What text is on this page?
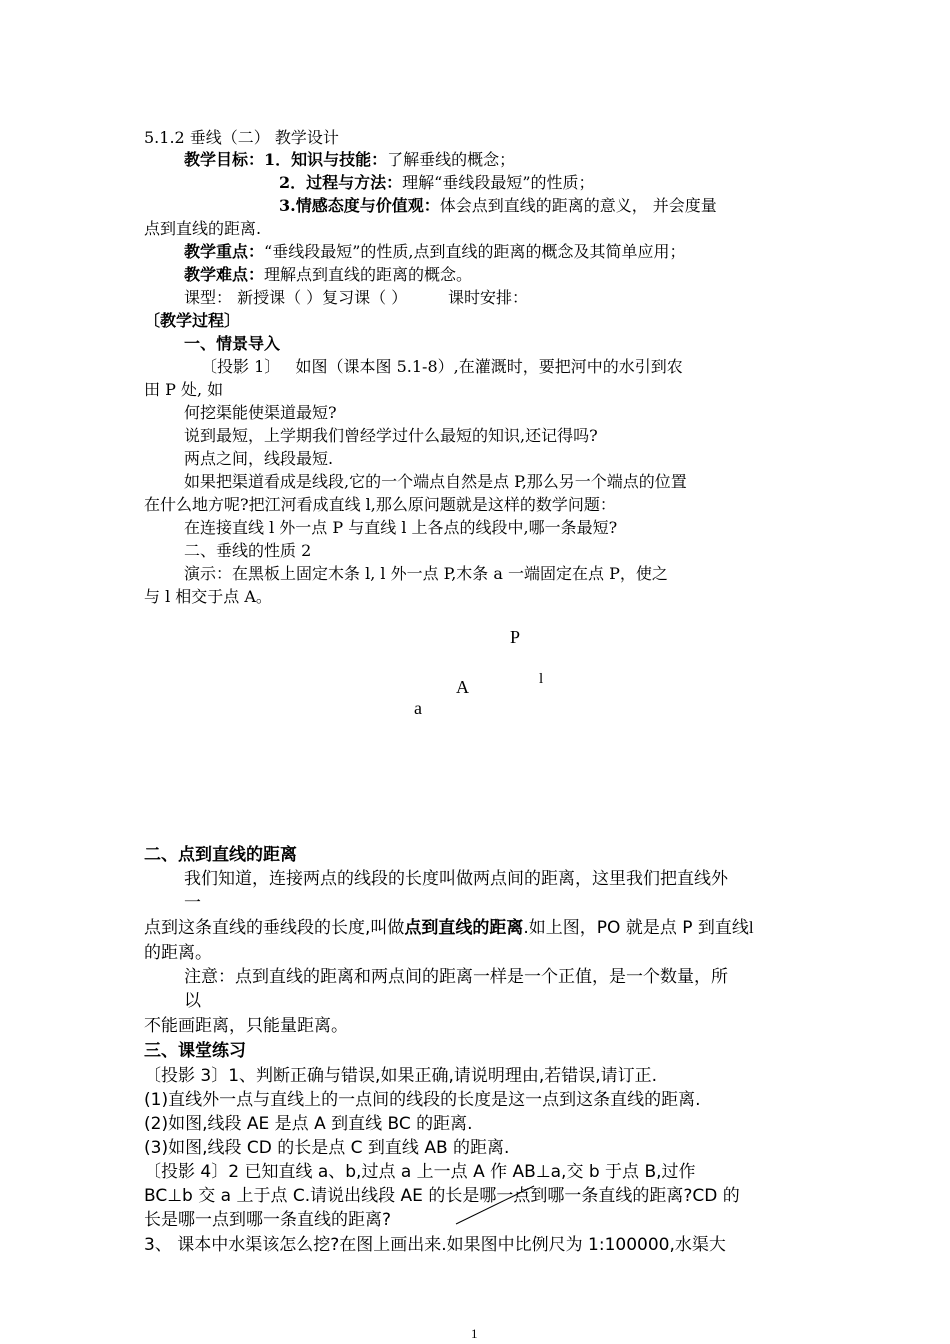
5.1.2 垂线（二） 教学设计
教学目标：1．知识与技能：了解垂线的概念；
2．过程与方法：理解“垂线段最短”的性质；
3.情感态度与价值观：体会点到直线的距离的意义， 并会度量
点到直线的距离.
教学重点：“垂线段最短”的性质,点到直线的距离的概念及其简单应用；
教学难点：理解点到直线的距离的概念。
课型： 新授课（ ）复习课（ ）        课时安排：
〔教学过程〕
一、情景导入
〔投影 1〕   如图（课本图 5.1-8）,在灌溉时，要把河中的水引到农
田 P 处, 如
何挖渠能使渠道最短?
说到最短，上学期我们曾经学过什么最短的知识,还记得吗?
两点之间，线段最短.
如果把渠道看成是线段,它的一个端点自然是点 P,那么另一个端点的位置
在什么地方呢?把江河看成直线 l,那么原问题就是这样的数学问题：
在连接直线 l 外一点 P 与直线 l 上各点的线段中,哪一条最短?
二、垂线的性质 2
演示：在黑板上固定木条 l, l 外一点 P,木条 a 一端固定在点 P，使之
与 l 相交于点 A。
P
A	l
a
二、点到直线的距离
我们知道，连接两点的线段的长度叫做两点间的距离，这里我们把直线外
一
点到这条直线的垂线段的长度,叫做点到直线的距离.如上图，PO 就是点 P 到直线l
的距离。
注意：点到直线的距离和两点间的距离一样是一个正值，是一个数量，所
以
不能画距离，只能量距离。
三、课堂练习
〔投影 3〕1、判断正确与错误,如果正确,请说明理由,若错误,请订正.
(1)直线外一点与直线上的一点间的线段的长度是这一点到这条直线的距离.
(2)如图,线段 AE 是点 A 到直线 BC 的距离.
(3)如图,线段 CD 的长是点 C 到直线 AB 的距离.
〔投影 4〕2 已知直线 a、b,过点 a 上一点 A 作 AB⊥a,交 b 于点 B,过作
BC⊥b 交 a 上于点 C.请说出线段 AE 的长是哪一点到哪一条直线的距离?CD 的
长是哪一点到哪一条直线的距离?
3、 课本中水渠该怎么挖?在图上画出来.如果图中比例尺为 1:100000,水渠大
1
